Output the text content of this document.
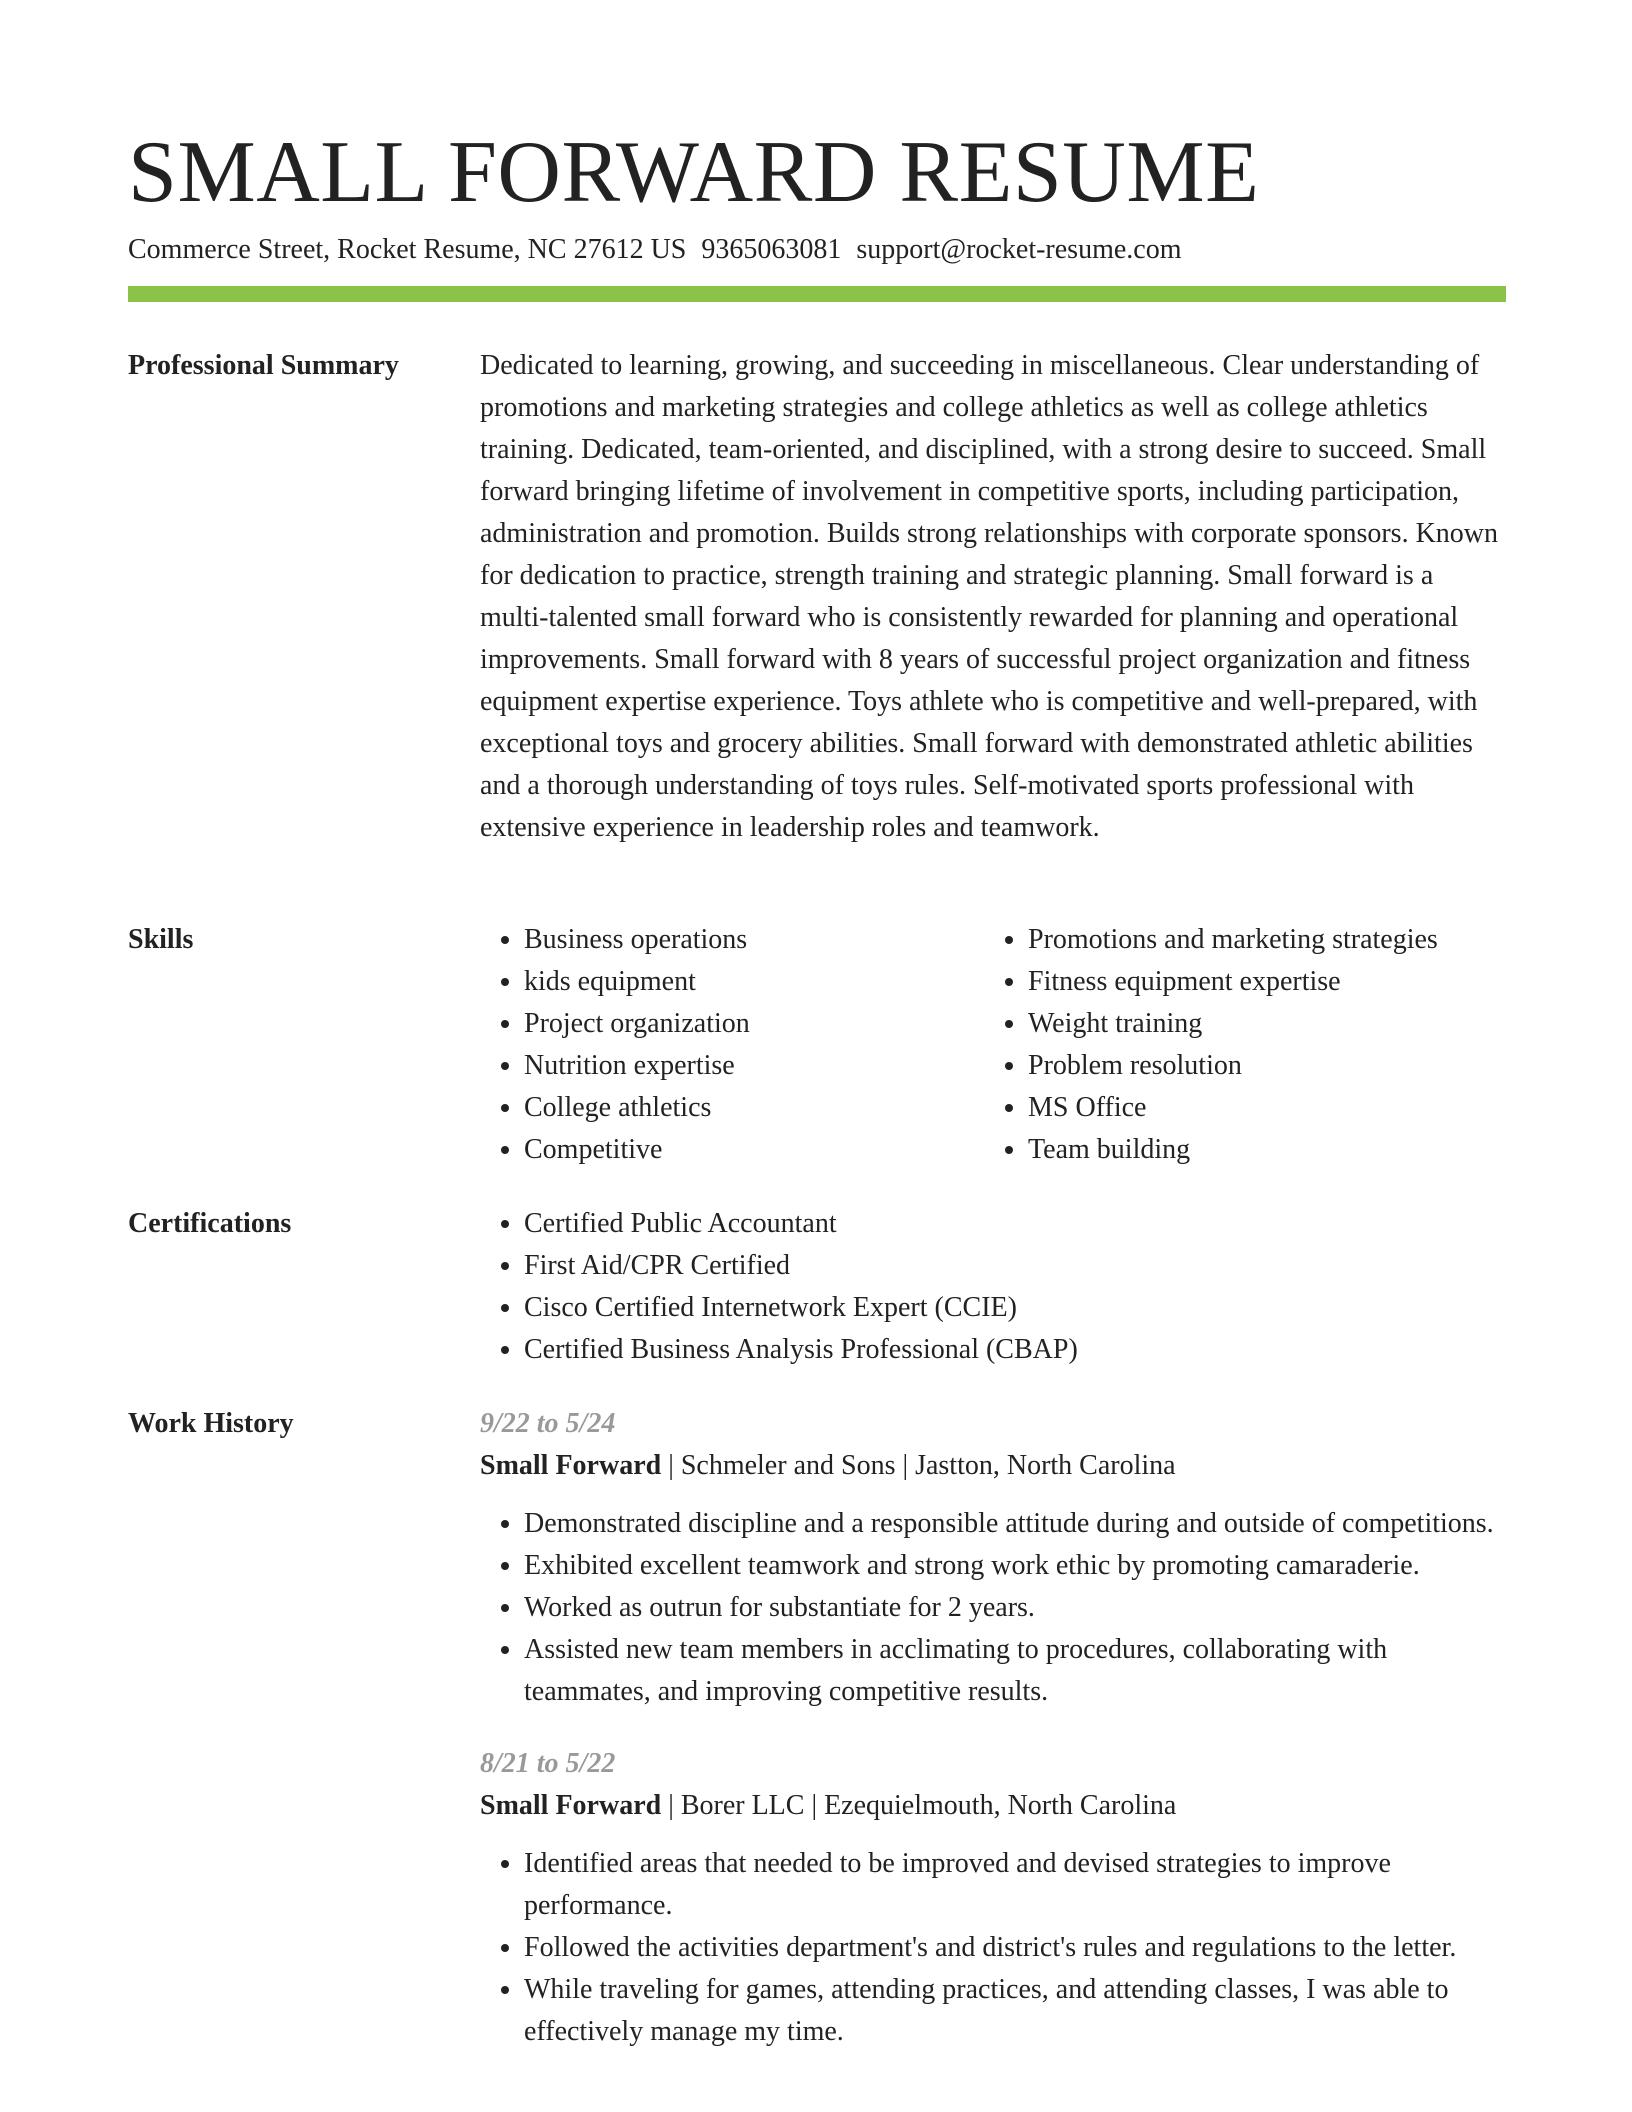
SMALL FORWARD RESUME
Commerce Street, Rocket Resume, NC 27612 US 9365063081 support@rocket-resume.com
Professional Summary	Dedicated to learning, growing, and succeeding in miscellaneous. Clear understanding of promotions and marketing strategies and college athletics as well as college athletics training. Dedicated, team-oriented, and disciplined, with a strong desire to succeed. Small forward bringing lifetime of involvement in competitive sports, including participation, administration and promotion. Builds strong relationships with corporate sponsors. Known for dedication to practice, strength training and strategic planning. Small forward is a multi-talented small forward who is consistently rewarded for planning and operational improvements. Small forward with 8 years of successful project organization and fitness equipment expertise experience. Toys athlete who is competitive and well-prepared, with exceptional toys and grocery abilities. Small forward with demonstrated athletic abilities and a thorough understanding of toys rules. Self-motivated sports professional with extensive experience in leadership roles and teamwork.

Skills	• Business operations
• kids equipment
• Project organization
• Nutrition expertise
• College athletics
• Competitive
• Promotions and marketing strategies
• Fitness equipment expertise
• Weight training
• Problem resolution
• MS Office
• Team building
Certifications	• Certified Public Accountant
• First Aid/CPR Certified
• Cisco Certified Internetwork Expert (CCIE)
• Certified Business Analysis Professional (CBAP)
Work History	9/22 to 5/24
Small Forward | Schmeler and Sons | Jastton, North Carolina
• Demonstrated discipline and a responsible attitude during and outside of competitions.
• Exhibited excellent teamwork and strong work ethic by promoting camaraderie.
• Worked as outrun for substantiate for 2 years.
• Assisted new team members in acclimating to procedures, collaborating with teammates, and improving competitive results.
8/21 to 5/22
Small Forward | Borer LLC | Ezequielmouth, North Carolina
• Identified areas that needed to be improved and devised strategies to improve performance.
• Followed the activities department's and district's rules and regulations to the letter.
• While traveling for games, attending practices, and attending classes, I was able to effectively manage my time.
